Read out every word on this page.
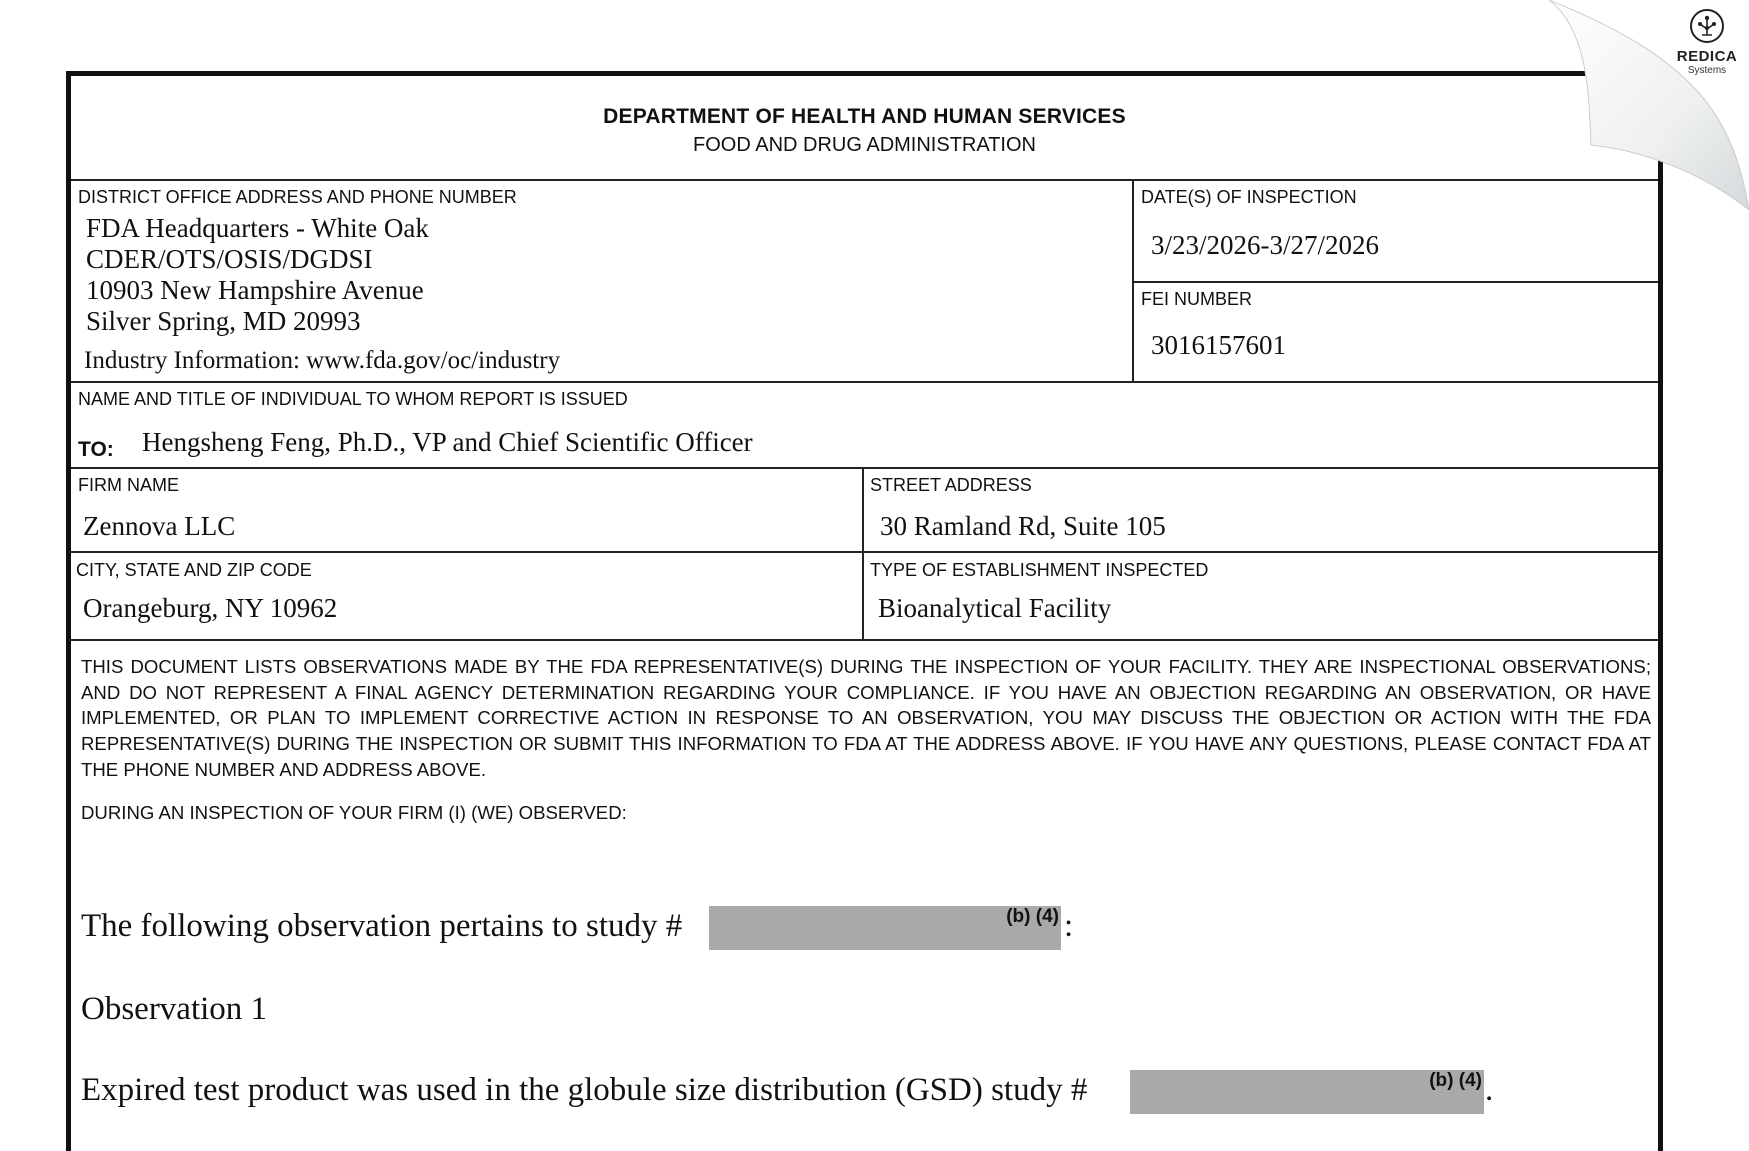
DEPARTMENT OF HEALTH AND HUMAN SERVICES
FOOD AND DRUG ADMINISTRATION
DISTRICT OFFICE ADDRESS AND PHONE NUMBER
FDA Headquarters - White Oak
CDER/OTS/OSIS/DGDSI
10903 New Hampshire Avenue
Silver Spring, MD 20993
Industry Information: www.fda.gov/oc/industry
DATE(S) OF INSPECTION
3/23/2026-3/27/2026
FEI NUMBER
3016157601
NAME AND TITLE OF INDIVIDUAL TO WHOM REPORT IS ISSUED
TO: Hengsheng Feng, Ph.D., VP and Chief Scientific Officer
FIRM NAME
Zennova LLC
STREET ADDRESS
30 Ramland Rd, Suite 105
CITY, STATE AND ZIP CODE
Orangeburg, NY 10962
TYPE OF ESTABLISHMENT INSPECTED
Bioanalytical Facility
THIS DOCUMENT LISTS OBSERVATIONS MADE BY THE FDA REPRESENTATIVE(S) DURING THE INSPECTION OF YOUR FACILITY. THEY ARE INSPECTIONAL OBSERVATIONS; AND DO NOT REPRESENT A FINAL AGENCY DETERMINATION REGARDING YOUR COMPLIANCE. IF YOU HAVE AN OBJECTION REGARDING AN OBSERVATION, OR HAVE IMPLEMENTED, OR PLAN TO IMPLEMENT CORRECTIVE ACTION IN RESPONSE TO AN OBSERVATION, YOU MAY DISCUSS THE OBJECTION OR ACTION WITH THE FDA REPRESENTATIVE(S) DURING THE INSPECTION OR SUBMIT THIS INFORMATION TO FDA AT THE ADDRESS ABOVE. IF YOU HAVE ANY QUESTIONS, PLEASE CONTACT FDA AT THE PHONE NUMBER AND ADDRESS ABOVE.
DURING AN INSPECTION OF YOUR FIRM (I) (WE) OBSERVED:
The following observation pertains to study #	(b) (4) :
Observation 1
Expired test product was used in the globule size distribution (GSD) study #	(b) (4) .
REDICA
Systems
